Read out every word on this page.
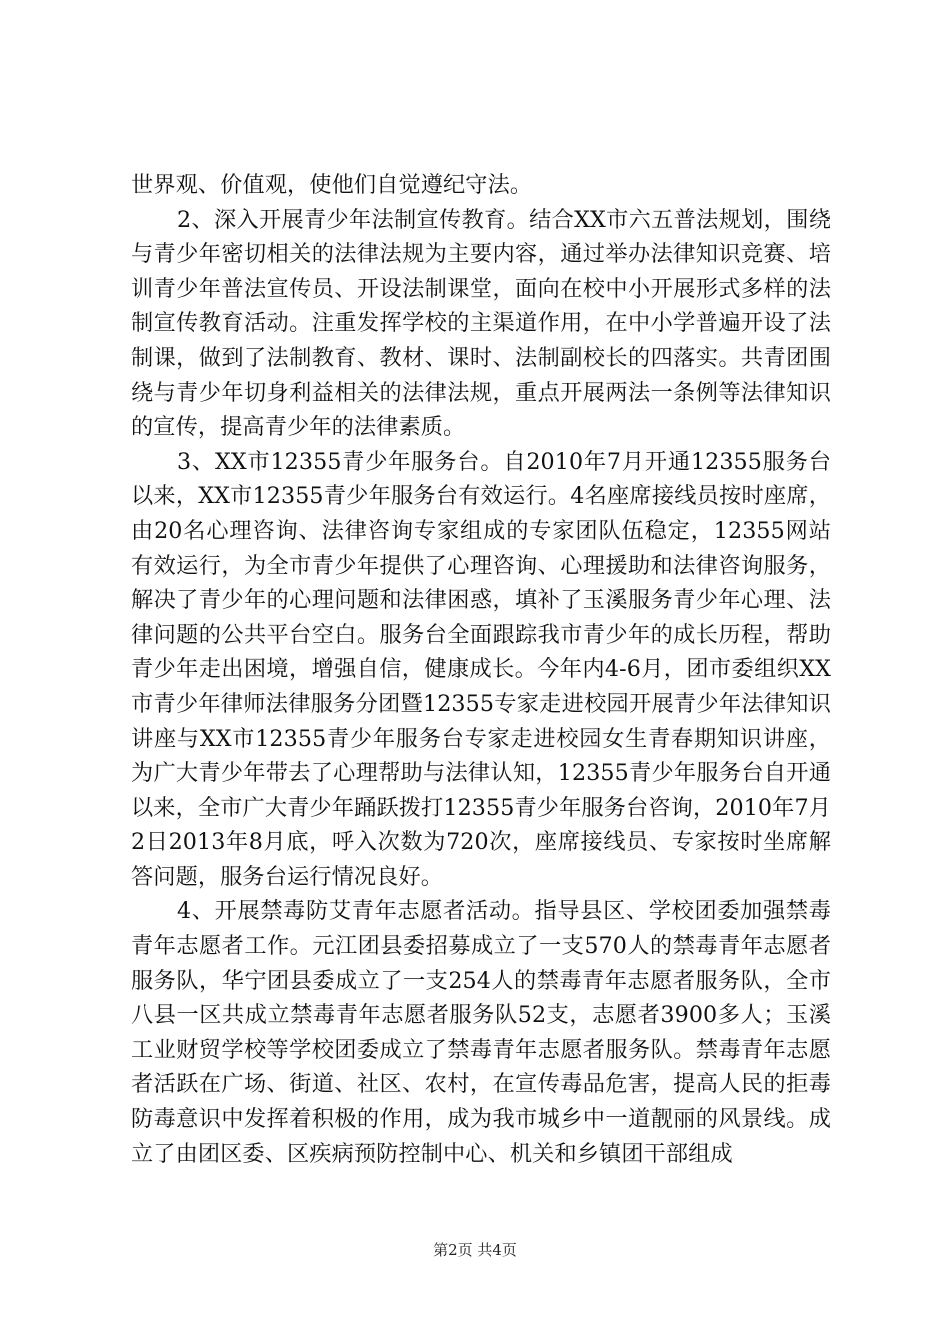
世界观、价值观，使他们自觉遵纪守法。

2、深入开展青少年法制宣传教育。结合XX市六五普法规划，围绕与青少年密切相关的法律法规为主要内容，通过举办法律知识竞赛、培训青少年普法宣传员、开设法制课堂，面向在校中小开展形式多样的法制宣传教育活动。注重发挥学校的主渠道作用，在中小学普遍开设了法制课，做到了法制教育、教材、课时、法制副校长的四落实。共青团围绕与青少年切身利益相关的法律法规，重点开展两法一条例等法律知识的宣传，提高青少年的法律素质。

3、XX市12355青少年服务台。自2010年7月开通12355服务台以来，XX市12355青少年服务台有效运行。4名座席接线员按时座席，由20名心理咨询、法律咨询专家组成的专家团队伍稳定，12355网站有效运行，为全市青少年提供了心理咨询、心理援助和法律咨询服务，解决了青少年的心理问题和法律困惑，填补了玉溪服务青少年心理、法律问题的公共平台空白。服务台全面跟踪我市青少年的成长历程，帮助青少年走出困境，增强自信，健康成长。今年内4-6月，团市委组织XX市青少年律师法律服务分团暨12355专家走进校园开展青少年法律知识讲座与XX市12355青少年服务台专家走进校园女生青春期知识讲座，为广大青少年带去了心理帮助与法律认知，12355青少年服务台自开通以来，全市广大青少年踊跃拨打12355青少年服务台咨询，2010年7月2日2013年8月底，呼入次数为720次，座席接线员、专家按时坐席解答问题，服务台运行情况良好。

4、开展禁毒防艾青年志愿者活动。指导县区、学校团委加强禁毒青年志愿者工作。元江团县委招募成立了一支570人的禁毒青年志愿者服务队，华宁团县委成立了一支254人的禁毒青年志愿者服务队，全市八县一区共成立禁毒青年志愿者服务队52支，志愿者3900多人；玉溪工业财贸学校等学校团委成立了禁毒青年志愿者服务队。禁毒青年志愿者活跃在广场、街道、社区、农村，在宣传毒品危害，提高人民的拒毒防毒意识中发挥着积极的作用，成为我市城乡中一道靓丽的风景线。成立了由团区委、区疾病预防控制中心、机关和乡镇团干部组成

第2页 共4页
